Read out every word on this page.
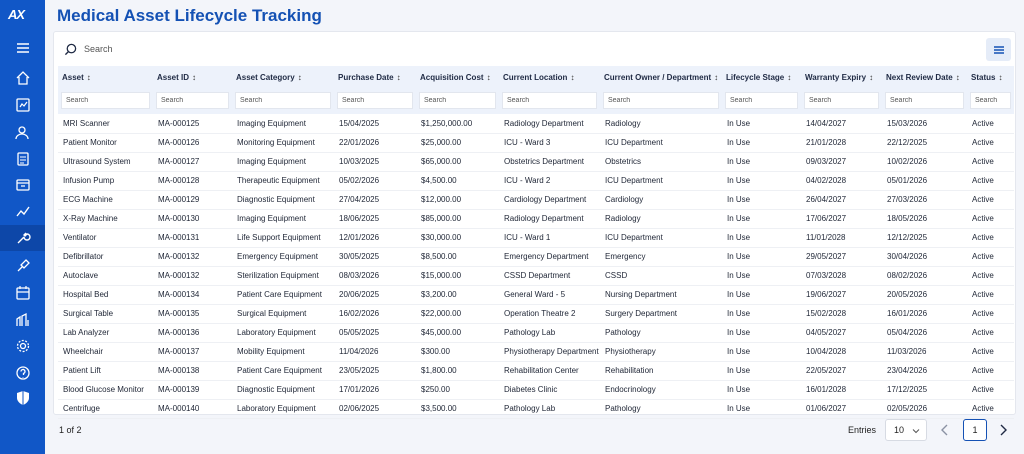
AX	Medical Asset Lifecycle Tracking
Search
Asset ↕	Asset ID ↕	Asset Category ↕	Purchase Date ↕	Acquisition Cost ↕	Current Location ↕	Current Owner / Department ↕	Lifecycle Stage ↕	Warranty Expiry ↕	Next Review Date ↕	Status ↕
Search	Search	Search	Search	Search	Search	Search	Search	Search	Search	Search
MRI Scanner	MA-000125	Imaging Equipment	15/04/2025	$1,250,000.00	Radiology Department	Radiology	In Use	14/04/2027	15/03/2026	Active
Patient Monitor	MA-000126	Monitoring Equipment	22/01/2026	$25,000.00	ICU - Ward 3	ICU Department	In Use	21/01/2028	22/12/2025	Active
Ultrasound System	MA-000127	Imaging Equipment	10/03/2025	$65,000.00	Obstetrics Department	Obstetrics	In Use	09/03/2027	10/02/2026	Active
Infusion Pump	MA-000128	Therapeutic Equipment	05/02/2026	$4,500.00	ICU - Ward 2	ICU Department	In Use	04/02/2028	05/01/2026	Active
ECG Machine	MA-000129	Diagnostic Equipment	27/04/2025	$12,000.00	Cardiology Department	Cardiology	In Use	26/04/2027	27/03/2026	Active
X-Ray Machine	MA-000130	Imaging Equipment	18/06/2025	$85,000.00	Radiology Department	Radiology	In Use	17/06/2027	18/05/2026	Active
Ventilator	MA-000131	Life Support Equipment	12/01/2026	$30,000.00	ICU - Ward 1	ICU Department	In Use	11/01/2028	12/12/2025	Active
Defibrillator	MA-000132	Emergency Equipment	30/05/2025	$8,500.00	Emergency Department	Emergency	In Use	29/05/2027	30/04/2026	Active
Autoclave	MA-000132	Sterilization Equipment	08/03/2026	$15,000.00	CSSD Department	CSSD	In Use	07/03/2028	08/02/2026	Active
Hospital Bed	MA-000134	Patient Care Equipment	20/06/2025	$3,200.00	General Ward - 5	Nursing Department	In Use	19/06/2027	20/05/2026	Active
Surgical Table	MA-000135	Surgical Equipment	16/02/2026	$22,000.00	Operation Theatre 2	Surgery Department	In Use	15/02/2028	16/01/2026	Active
Lab Analyzer	MA-000136	Laboratory Equipment	05/05/2025	$45,000.00	Pathology Lab	Pathology	In Use	04/05/2027	05/04/2026	Active
Wheelchair	MA-000137	Mobility Equipment	11/04/2026	$300.00	Physiotherapy Department	Physiotherapy	In Use	10/04/2028	11/03/2026	Active
Patient Lift	MA-000138	Patient Care Equipment	23/05/2025	$1,800.00	Rehabilitation Center	Rehabilitation	In Use	22/05/2027	23/04/2026	Active
Blood Glucose Monitor	MA-000139	Diagnostic Equipment	17/01/2026	$250.00	Diabetes Clinic	Endocrinology	In Use	16/01/2028	17/12/2025	Active
Centrifuge	MA-000140	Laboratory Equipment	02/06/2025	$3,500.00	Pathology Lab	Pathology	In Use	01/06/2027	02/05/2026	Active
1 of 2	Entries 10	1
